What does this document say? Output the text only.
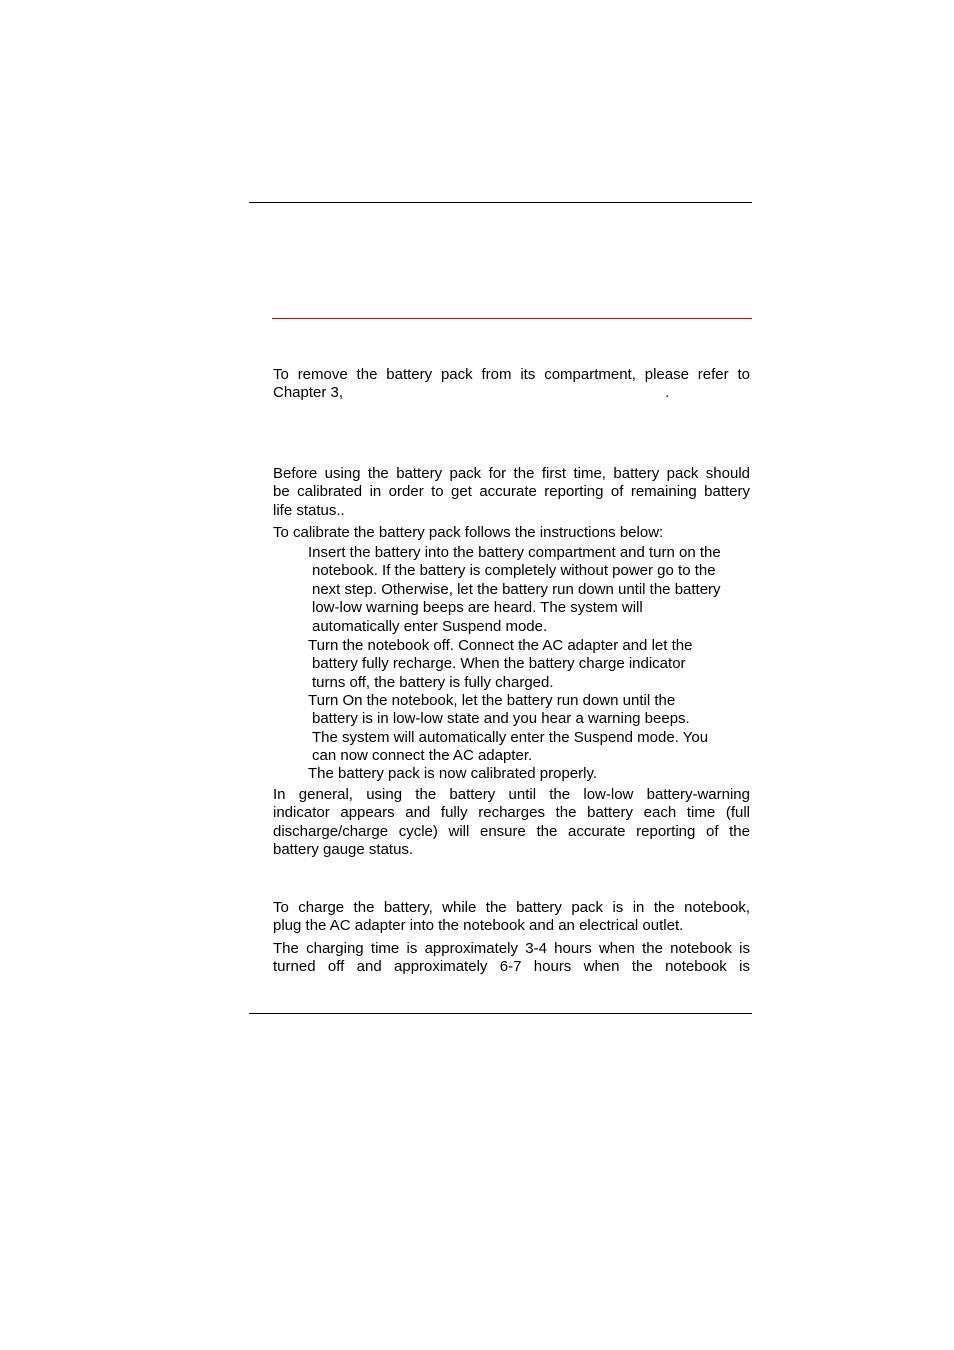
To remove the battery pack from its compartment, please refer to
Chapter 3,	.
Before using the battery pack for the first time, battery pack should
be calibrated in order to get accurate reporting of remaining battery
life status..
To calibrate the battery pack follows the instructions below:
Insert the battery into the battery compartment and turn on the
notebook. If the battery is completely without power go to the
next step. Otherwise, let the battery run down until the battery
low-low warning beeps are heard. The system will
automatically enter Suspend mode.
Turn the notebook off. Connect the AC adapter and let the
battery fully recharge. When the battery charge indicator
turns off, the battery is fully charged.
Turn On the notebook, let the battery run down until the
battery is in low-low state and you hear a warning beeps.
The system will automatically enter the Suspend mode. You
can now connect the AC adapter.
The battery pack is now calibrated properly.
In general, using the battery until the low-low battery-warning
indicator appears and fully recharges the battery each time (full
discharge/charge cycle) will ensure the accurate reporting of the
battery gauge status.
To charge the battery, while the battery pack is in the notebook,
plug the AC adapter into the notebook and an electrical outlet.
The charging time is approximately 3-4 hours when the notebook is
turned off and approximately 6-7 hours when the notebook is
